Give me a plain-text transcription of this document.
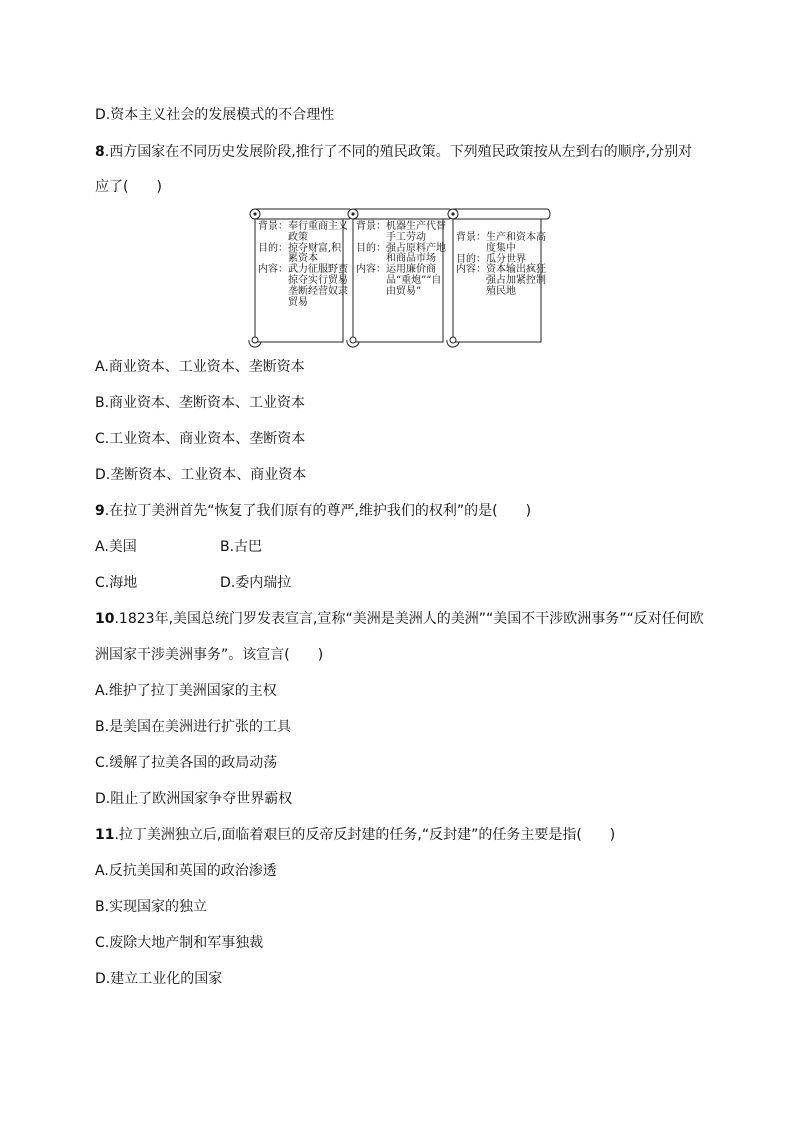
D.资本主义社会的发展模式的不合理性
8.西方国家在不同历史发展阶段,推行了不同的殖民政策。下列殖民政策按从左到右的顺序,分别对
应了(　　)
背景： 奉行重商主义政策
目的： 掠夺财富,积累资本
内容： 武力征服野蛮掠夺实行贸易垄断经营奴隶贸易
背景： 机器生产代替手工劳动
目的： 强占原料产地和商品市场
内容： 运用廉价商品“重炮”“自由贸易”
背景： 生产和资本高度集中
目的： 瓜分世界
内容： 资本输出疯狂强占加紧控制殖民地
A.商业资本、工业资本、垄断资本
B.商业资本、垄断资本、工业资本
C.工业资本、商业资本、垄断资本
D.垄断资本、工业资本、商业资本
9.在拉丁美洲首先“恢复了我们原有的尊严,维护我们的权利”的是(　　)
A.美国	B.古巴
C.海地	D.委内瑞拉
10.1823年,美国总统门罗发表宣言,宣称“美洲是美洲人的美洲”“美国不干涉欧洲事务”“反对任何欧
洲国家干涉美洲事务”。该宣言(　　)
A.维护了拉丁美洲国家的主权
B.是美国在美洲进行扩张的工具
C.缓解了拉美各国的政局动荡
D.阻止了欧洲国家争夺世界霸权
11.拉丁美洲独立后,面临着艰巨的反帝反封建的任务,“反封建”的任务主要是指(　　)
A.反抗美国和英国的政治渗透
B.实现国家的独立
C.废除大地产制和军事独裁
D.建立工业化的国家
